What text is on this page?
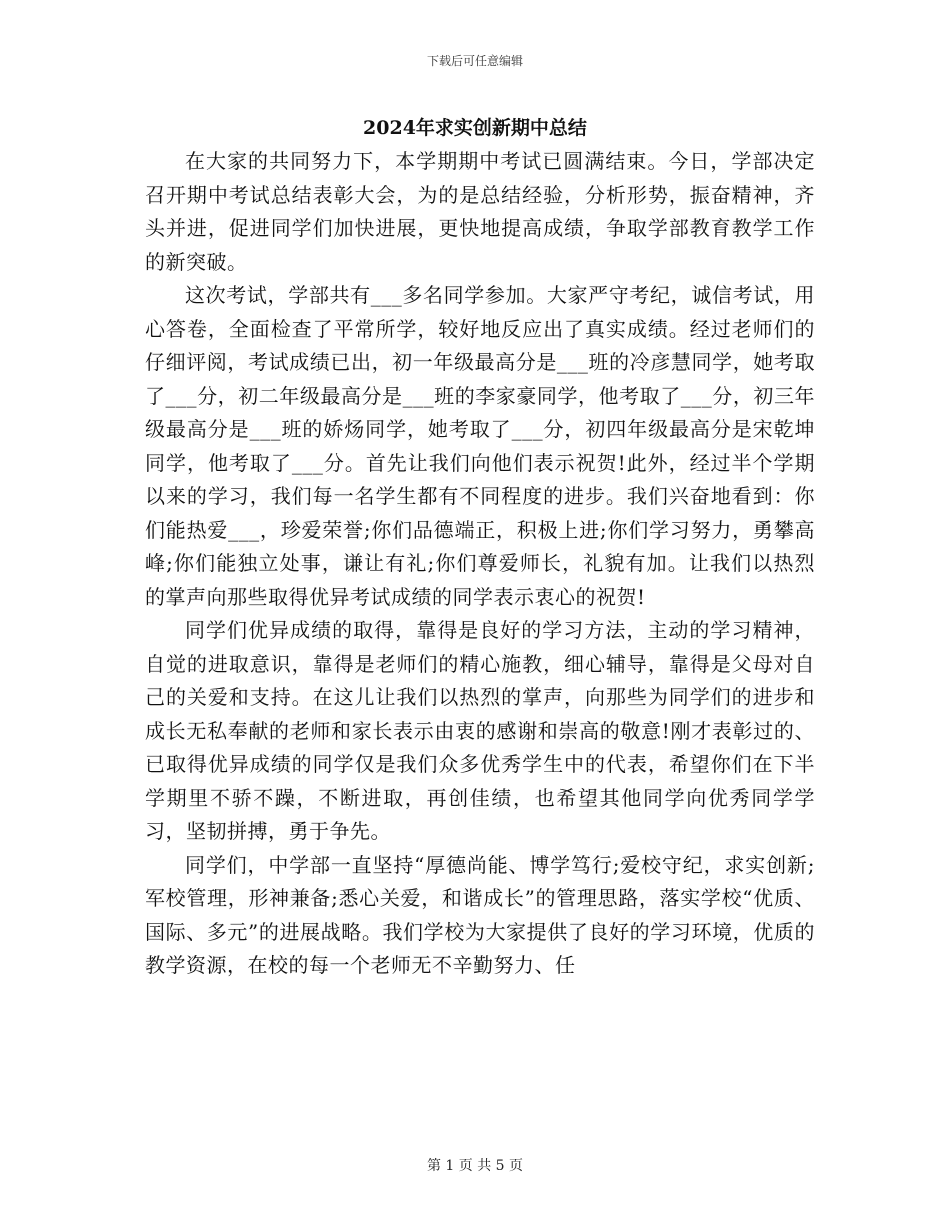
下载后可任意编辑
2024年求实创新期中总结

在大家的共同努力下，本学期期中考试已圆满结束。今日，学部决定召开期中考试总结表彰大会，为的是总结经验，分析形势，振奋精神，齐头并进，促进同学们加快进展，更快地提高成绩，争取学部教育教学工作的新突破。

这次考试，学部共有___多名同学参加。大家严守考纪，诚信考试，用心答卷，全面检查了平常所学，较好地反应出了真实成绩。经过老师们的仔细评阅，考试成绩已出，初一年级最高分是___班的冷彦慧同学，她考取了___分，初二年级最高分是___班的李家豪同学，他考取了___分，初三年级最高分是___班的娇炀同学，她考取了___分，初四年级最高分是宋乾坤同学，他考取了___分。首先让我们向他们表示祝贺!此外，经过半个学期以来的学习，我们每一名学生都有不同程度的进步。我们兴奋地看到：你们能热爱___，珍爱荣誉;你们品德端正，积极上进;你们学习努力，勇攀高峰;你们能独立处事，谦让有礼;你们尊爱师长，礼貌有加。让我们以热烈的掌声向那些取得优异考试成绩的同学表示衷心的祝贺!

同学们优异成绩的取得，靠得是良好的学习方法，主动的学习精神，自觉的进取意识，靠得是老师们的精心施教，细心辅导，靠得是父母对自己的关爱和支持。在这儿让我们以热烈的掌声，向那些为同学们的进步和成长无私奉献的老师和家长表示由衷的感谢和崇高的敬意!刚才表彰过的、已取得优异成绩的同学仅是我们众多优秀学生中的代表，希望你们在下半学期里不骄不躁，不断进取，再创佳绩，也希望其他同学向优秀同学学习，坚韧拼搏，勇于争先。

同学们，中学部一直坚持“厚德尚能、博学笃行;爱校守纪，求实创新;军校管理，形神兼备;悉心关爱，和谐成长”的管理思路，落实学校“优质、国际、多元”的进展战略。我们学校为大家提供了良好的学习环境，优质的教学资源，在校的每一个老师无不辛勤努力、任

第 1 页 共 5 页
